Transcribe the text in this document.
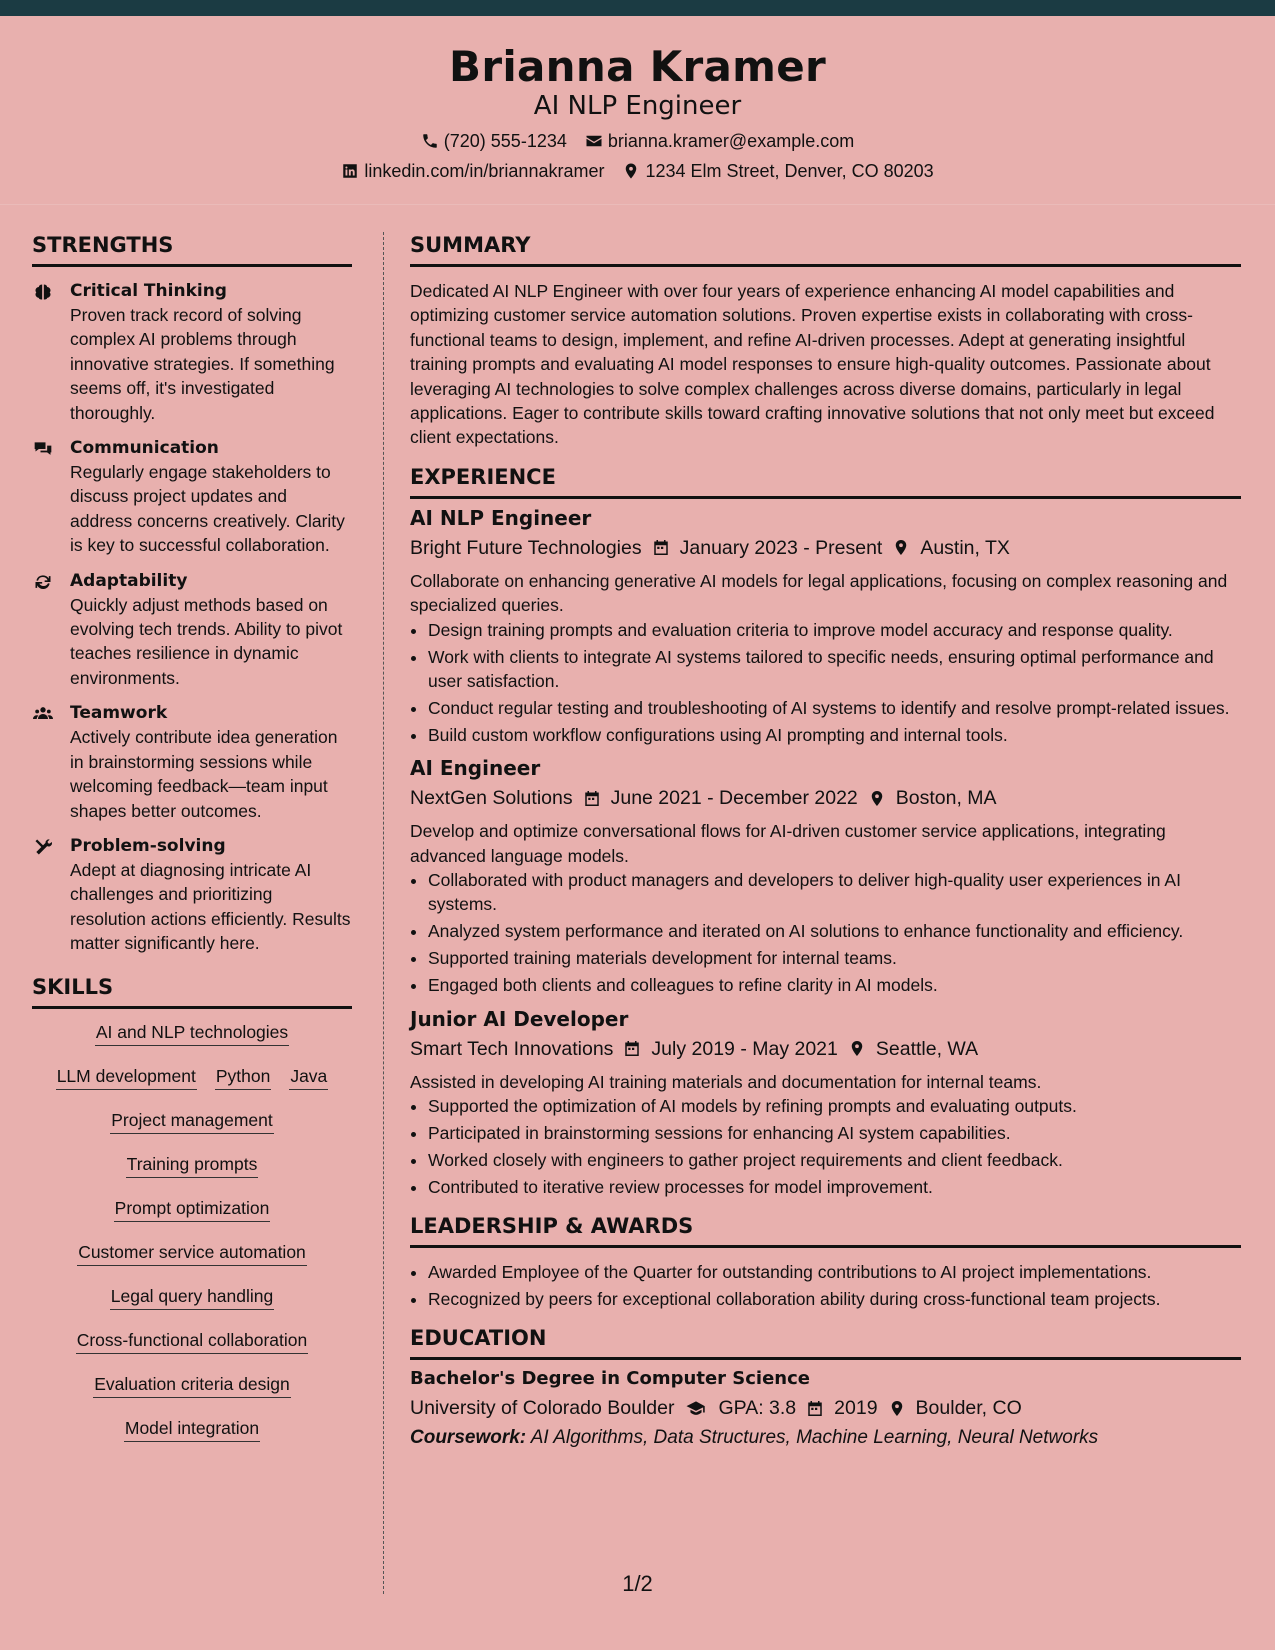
Brianna Kramer
AI NLP Engineer
(720) 555-1234 brianna.kramer@example.com
linkedin.com/in/briannakramer 1234 Elm Street, Denver, CO 80203
STRENGTHS
Critical Thinking
Proven track record of solving complex AI problems through innovative strategies. If something seems off, it's investigated thoroughly.
Communication
Regularly engage stakeholders to discuss project updates and address concerns creatively. Clarity is key to successful collaboration.
Adaptability
Quickly adjust methods based on evolving tech trends. Ability to pivot teaches resilience in dynamic environments.
Teamwork
Actively contribute idea generation in brainstorming sessions while welcoming feedback—team input shapes better outcomes.
Problem-solving
Adept at diagnosing intricate AI challenges and prioritizing resolution actions efficiently. Results matter significantly here.
SKILLS
AI and NLP technologies
LLM development Python Java
Project management
Training prompts
Prompt optimization
Customer service automation
Legal query handling
Cross-functional collaboration
Evaluation criteria design
Model integration
SUMMARY
Dedicated AI NLP Engineer with over four years of experience enhancing AI model capabilities and optimizing customer service automation solutions. Proven expertise exists in collaborating with cross-functional teams to design, implement, and refine AI-driven processes. Adept at generating insightful training prompts and evaluating AI model responses to ensure high-quality outcomes. Passionate about leveraging AI technologies to solve complex challenges across diverse domains, particularly in legal applications. Eager to contribute skills toward crafting innovative solutions that not only meet but exceed client expectations.
EXPERIENCE
AI NLP Engineer
Bright Future Technologies January 2023 - Present Austin, TX
Collaborate on enhancing generative AI models for legal applications, focusing on complex reasoning and specialized queries.
• Design training prompts and evaluation criteria to improve model accuracy and response quality.
• Work with clients to integrate AI systems tailored to specific needs, ensuring optimal performance and user satisfaction.
• Conduct regular testing and troubleshooting of AI systems to identify and resolve prompt-related issues.
• Build custom workflow configurations using AI prompting and internal tools.
AI Engineer
NextGen Solutions June 2021 - December 2022 Boston, MA
Develop and optimize conversational flows for AI-driven customer service applications, integrating advanced language models.
• Collaborated with product managers and developers to deliver high-quality user experiences in AI systems.
• Analyzed system performance and iterated on AI solutions to enhance functionality and efficiency.
• Supported training materials development for internal teams.
• Engaged both clients and colleagues to refine clarity in AI models.
Junior AI Developer
Smart Tech Innovations July 2019 - May 2021 Seattle, WA
Assisted in developing AI training materials and documentation for internal teams.
• Supported the optimization of AI models by refining prompts and evaluating outputs.
• Participated in brainstorming sessions for enhancing AI system capabilities.
• Worked closely with engineers to gather project requirements and client feedback.
• Contributed to iterative review processes for model improvement.
LEADERSHIP & AWARDS
• Awarded Employee of the Quarter for outstanding contributions to AI project implementations.
• Recognized by peers for exceptional collaboration ability during cross-functional team projects.
EDUCATION
Bachelor's Degree in Computer Science
University of Colorado Boulder GPA: 3.8 2019 Boulder, CO
Coursework: AI Algorithms, Data Structures, Machine Learning, Neural Networks
1/2
